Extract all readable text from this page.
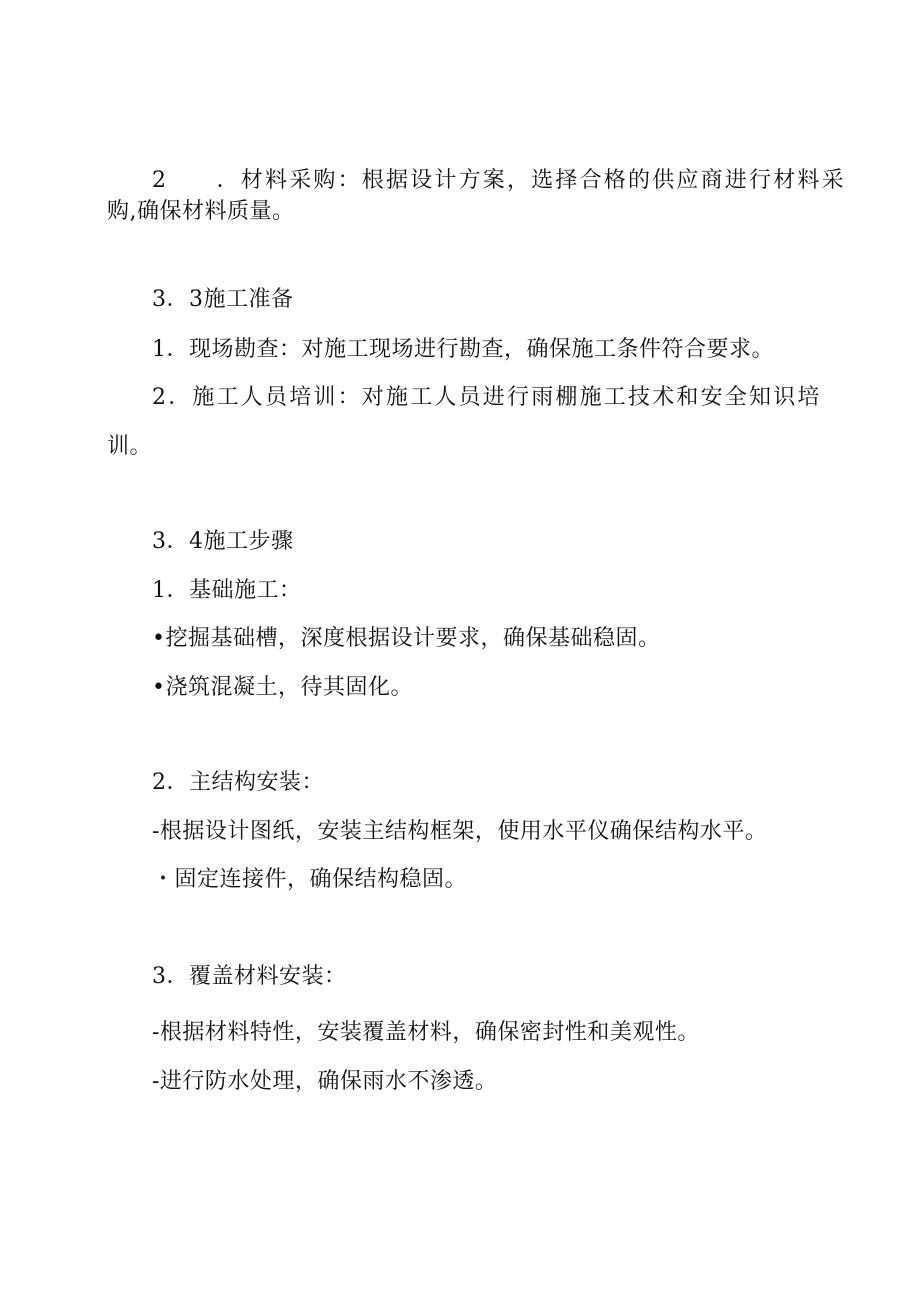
2　　．材料采购：根据设计方案，选择合格的供应商进行材料采
购,确保材料质量。
3．3施工准备
1．现场勘查：对施工现场进行勘查，确保施工条件符合要求。
2．施工人员培训：对施工人员进行雨棚施工技术和安全知识培
训。
3．4施工步骤
1．基础施工：
•挖掘基础槽，深度根据设计要求，确保基础稳固。
•浇筑混凝土，待其固化。
2．主结构安装：
-根据设计图纸，安装主结构框架，使用水平仪确保结构水平。
・固定连接件，确保结构稳固。
3．覆盖材料安装：
-根据材料特性，安装覆盖材料，确保密封性和美观性。
-进行防水处理，确保雨水不渗透。
